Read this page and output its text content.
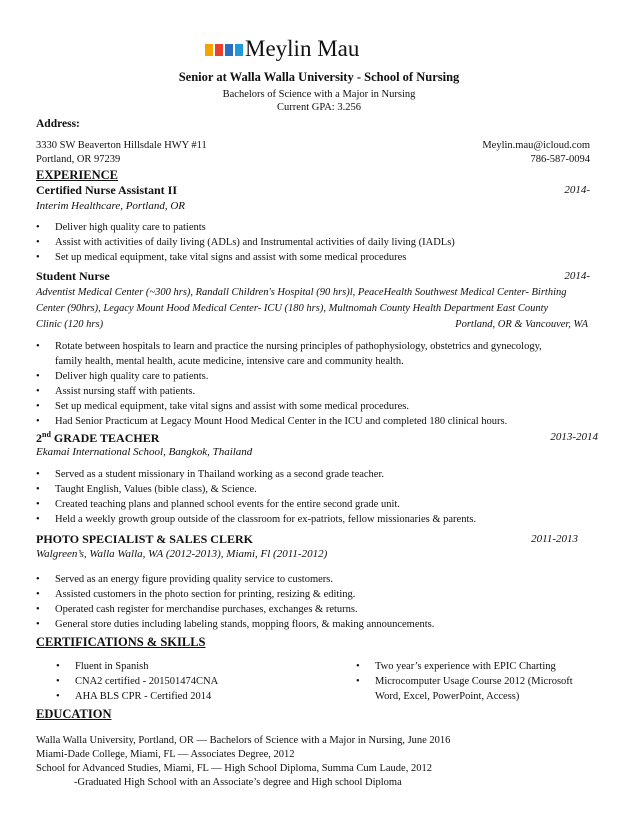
Meylin Mau
Senior at Walla Walla University - School of Nursing
Bachelors of Science with a Major in Nursing
Current GPA: 3.256
Address:
3330 SW Beaverton Hillsdale HWY #11
Portland, OR 97239
Meylin.mau@icloud.com
786-587-0094
EXPERIENCE
Certified Nurse Assistant II	2014-
Interim Healthcare, Portland, OR
• Deliver high quality care to patients
• Assist with activities of daily living (ADLs) and Instrumental activities of daily living (IADLs)
• Set up medical equipment, take vital signs and assist with some medical procedures
Student Nurse	2014-
Adventist Medical Center (~300 hrs), Randall Children's Hospital (90 hrs)l, PeaceHealth Southwest Medical Center- Birthing
Center (90hrs), Legacy Mount Hood Medical Center- ICU (180 hrs), Multnomah County Health Department East County
Clinic (120 hrs)	Portland, OR & Vancouver, WA
• Rotate between hospitals to learn and practice the nursing principles of pathophysiology, obstetrics and gynecology,
family health, mental health, acute medicine, intensive care and community health.
• Deliver high quality care to patients.
• Assist nursing staff with patients.
• Set up medical equipment, take vital signs and assist with some medical procedures.
• Had Senior Practicum at Legacy Mount Hood Medical Center in the ICU and completed 180 clinical hours.
2nd GRADE TEACHER	2013-2014
Ekamai International School, Bangkok, Thailand
• Served as a student missionary in Thailand working as a second grade teacher.
• Taught English, Values (bible class), & Science.
• Created teaching plans and planned school events for the entire second grade unit.
• Held a weekly growth group outside of the classroom for ex-patriots, fellow missionaries & parents.
PHOTO SPECIALIST & SALES CLERK	2011-2013
Walgreen’s, Walla Walla, WA (2012-2013), Miami, Fl (2011-2012)
• Served as an energy figure providing quality service to customers.
• Assisted customers in the photo section for printing, resizing & editing.
• Operated cash register for merchandise purchases, exchanges & returns.
• General store duties including labeling stands, mopping floors, & making announcements.
CERTIFICATIONS & SKILLS
• Fluent in Spanish
• CNA2 certified - 201501474CNA
• AHA BLS CPR - Certified 2014
• Two year’s experience with EPIC Charting
• Microcomputer Usage Course 2012 (Microsoft
Word, Excel, PowerPoint, Access)
EDUCATION
Walla Walla University, Portland, OR — Bachelors of Science with a Major in Nursing, June 2016
Miami-Dade College, Miami, FL — Associates Degree, 2012
School for Advanced Studies, Miami, FL — High School Diploma, Summa Cum Laude, 2012
-Graduated High School with an Associate’s degree and High school Diploma
